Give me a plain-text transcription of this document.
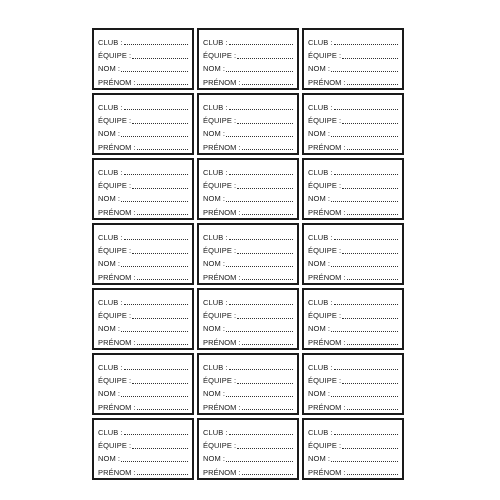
CLUB :
ÉQUIPE :
NOM :
PRÉNOM :
CLUB :
ÉQUIPE :
NOM :
PRÉNOM :
CLUB :
ÉQUIPE :
NOM :
PRÉNOM :
CLUB :
ÉQUIPE :
NOM :
PRÉNOM :
CLUB :
ÉQUIPE :
NOM :
PRÉNOM :
CLUB :
ÉQUIPE :
NOM :
PRÉNOM :
CLUB :
ÉQUIPE :
NOM :
PRÉNOM :
CLUB :
ÉQUIPE :
NOM :
PRÉNOM :
CLUB :
ÉQUIPE :
NOM :
PRÉNOM :
CLUB :
ÉQUIPE :
NOM :
PRÉNOM :
CLUB :
ÉQUIPE :
NOM :
PRÉNOM :
CLUB :
ÉQUIPE :
NOM :
PRÉNOM :
CLUB :
ÉQUIPE :
NOM :
PRÉNOM :
CLUB :
ÉQUIPE :
NOM :
PRÉNOM :
CLUB :
ÉQUIPE :
NOM :
PRÉNOM :
CLUB :
ÉQUIPE :
NOM :
PRÉNOM :
CLUB :
ÉQUIPE :
NOM :
PRÉNOM :
CLUB :
ÉQUIPE :
NOM :
PRÉNOM :
CLUB :
ÉQUIPE :
NOM :
PRÉNOM :
CLUB :
ÉQUIPE :
NOM :
PRÉNOM :
CLUB :
ÉQUIPE :
NOM :
PRÉNOM :
